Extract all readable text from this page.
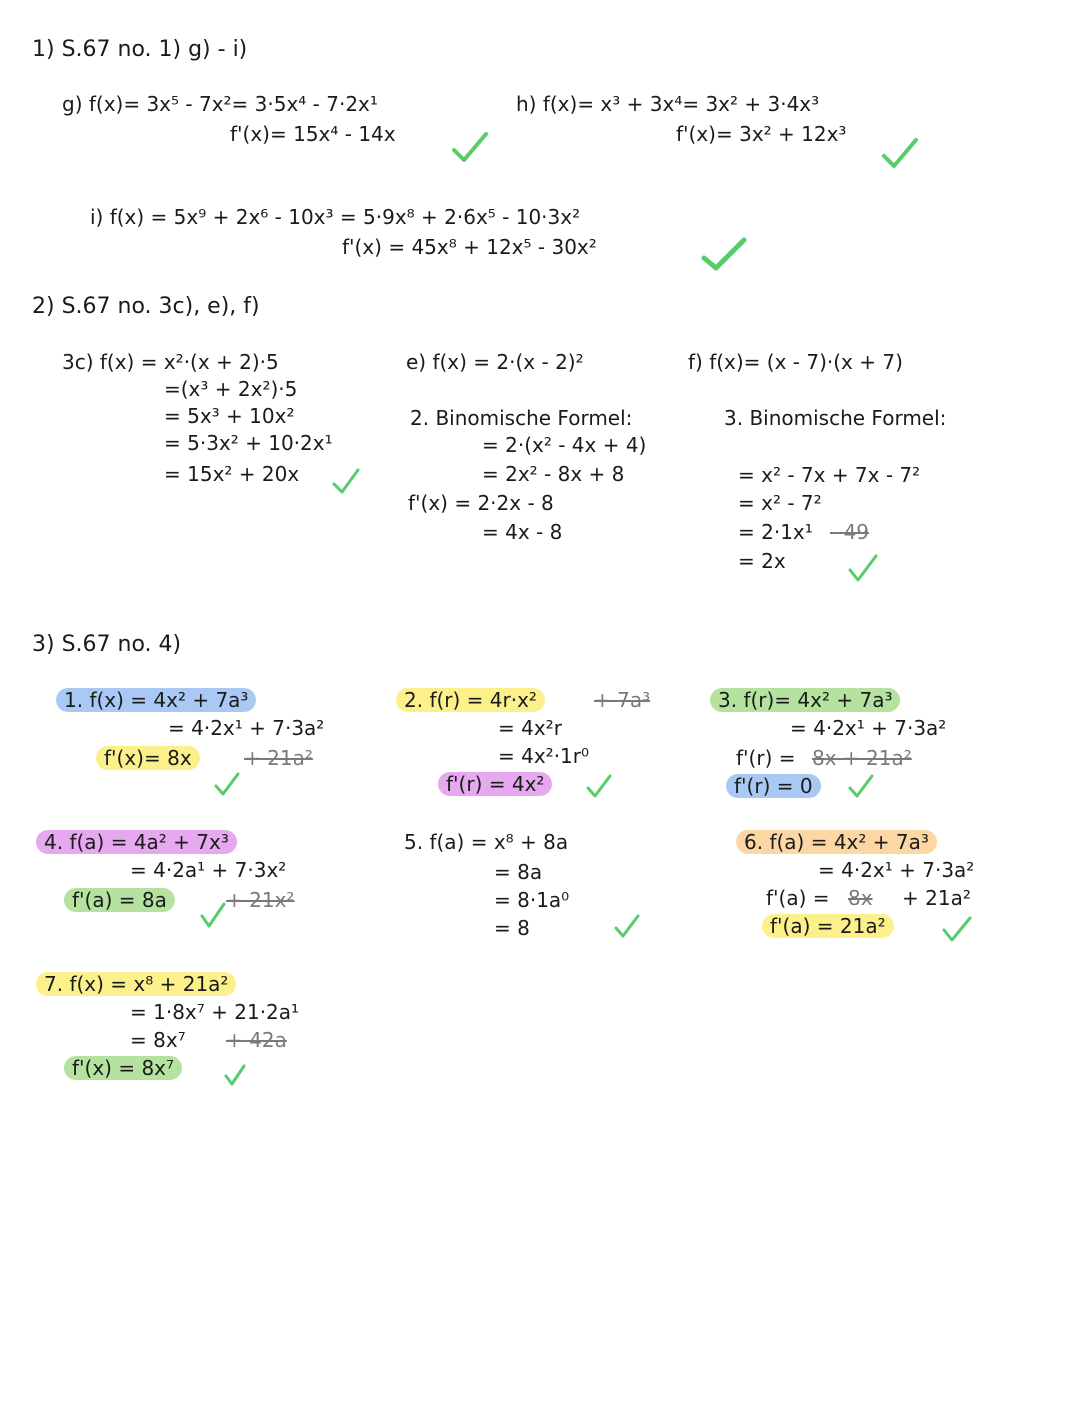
1) S.67 no. 1) g) - i)
g) f(x)= 3x⁵ - 7x²= 3·5x⁴ - 7·2x¹
f'(x)= 15x⁴ - 14x
h) f(x)= x³ + 3x⁴= 3x² + 3·4x³
f'(x)= 3x² + 12x³
i) f(x) = 5x⁹ + 2x⁶ - 10x³ = 5·9x⁸ + 2·6x⁵ - 10·3x²
f'(x) = 45x⁸ + 12x⁵ - 30x²
2) S.67 no. 3c), e), f)
3c) f(x) = x²·(x + 2)·5
=(x³ + 2x²)·5
= 5x³ + 10x²
= 5·3x² + 10·2x¹
= 15x² + 20x
e) f(x) = 2·(x - 2)²
2. Binomische Formel:
= 2·(x² - 4x + 4)
= 2x² - 8x + 8
f'(x) = 2·2x - 8
= 4x - 8
f) f(x)= (x - 7)·(x + 7)
3. Binomische Formel:
= x² - 7x + 7x - 7²
= x² - 7²
= 2·1x¹ - 49
= 2x
3) S.67 no. 4)
1. f(x) = 4x² + 7a³
= 4·2x¹ + 7·3a²
f'(x)= 8x	+ 21a²
2. f(r) = 4r·x²	+ 7a³
= 4x²r
= 4x²·1r⁰
f'(r) = 4x²
3. f(r)= 4x² + 7a³
= 4·2x¹ + 7·3a²
f'(r) = 8x + 21a²
f'(r) = 0
4. f(a) = 4a² + 7x³
= 4·2a¹ + 7·3x²
f'(a) = 8a	+ 21x²
5. f(a) = x⁸ + 8a
= 8a
= 8·1a⁰
= 8
6. f(a) = 4x² + 7a³
= 4·2x¹ + 7·3a²
f'(a) = 8x + 21a²
f'(a) = 21a²
7. f(x) = x⁸ + 21a²
= 1·8x⁷ + 21·2a¹
= 8x⁷ + 42a
f'(x) = 8x⁷
